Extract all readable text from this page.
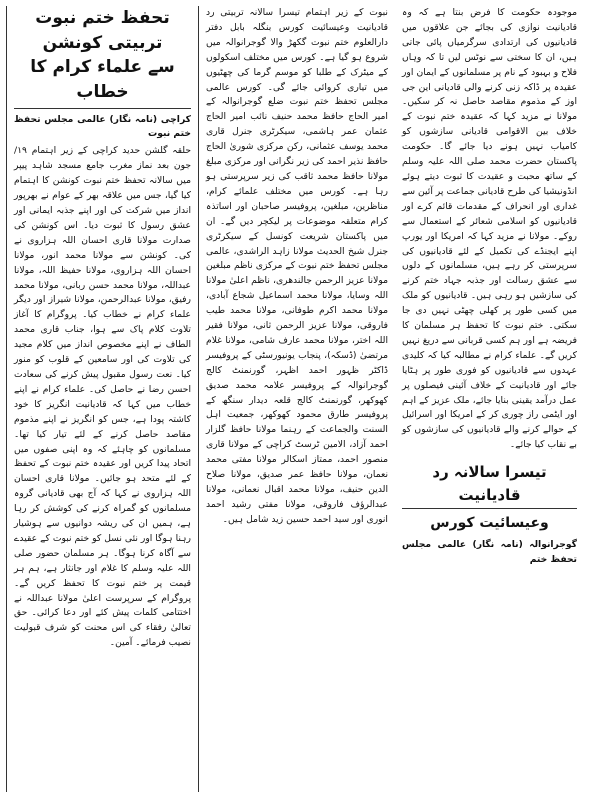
موجودہ حکومت کا فرض بنتا ہے کہ وہ قادیانیت نوازی کی بجائے جن علاقوں میں قادیانیوں کی ارتدادی سرگرمیاں پائی جاتی ہیں، ان کا سختی سے نوٹس لیں تا کہ وہاں فلاح و بہبود کے نام پر مسلمانوں کے ایمان اور عقیدہ پر ڈاکہ زنی کرنے والی قادیانی این جی اوز کے مذموم مقاصد حاصل نہ کر سکیں۔ مولانا نے مزید کہا کہ عقیدہ ختم نبوت کے خلاف بین الاقوامی قادیانی سازشوں کو کامیاب نہیں ہونے دیا جائے گا۔ حکومت پاکستان حضرت محمد صلی اللہ علیہ وسلم کے ساتھ محبت و عقیدت کا ثبوت دیتے ہوئے انڈونیشیا کی طرح قادیانی جماعت پر آئین سے غداری اور انحراف کے مقدمات قائم کرے اور قادیانیوں کو اسلامی شعائر کے استعمال سے روکے۔ مولانا نے مزید کہا کہ امریکا اور یورپ اپنے ایجنڈے کی تکمیل کے لئے قادیانیوں کی سرپرستی کر رہے ہیں، مسلمانوں کے دلوں سے عشق رسالت اور جذبہ جہاد ختم کرنے کی سازشیں ہو رہی ہیں۔ قادیانیوں کو ملک میں کسی طور پر کھلی چھٹی نہیں دی جا سکتی۔ ختم نبوت کا تحفظ ہر مسلمان کا فریضہ ہے اور ہم کسی قربانی سے دریغ نہیں کریں گے۔ علماء کرام نے مطالبہ کیا کہ کلیدی عہدوں سے قادیانیوں کو فوری طور پر ہٹایا جائے اور قادیانیت کے خلاف آئینی فیصلوں پر عمل درآمد یقینی بنایا جائے، ملک عزیز کے اہم اور ایٹمی راز چوری کر کے امریکا اور اسرائیل کے حوالے کرنے والے قادیانیوں کی سازشوں کو بے نقاب کیا جائے۔

تیسرا سالانہ رد قادیانیت
وعیسائیت کورس

گوجرانوالہ (نامہ نگار) عالمی مجلس تحفظ ختم

نبوت کے زیر اہتمام تیسرا سالانہ تربیتی رد قادیانیت وعیسائیت کورس بنگلہ بابل دفتر دارالعلوم ختم نبوت گکھڑ والا گوجرانوالہ میں شروع ہو گیا ہے۔ کورس میں مختلف اسکولوں کے میٹرک کے طلبا کو موسم گرما کی چھٹیوں میں تیاری کروائی جائے گی۔ کورس عالمی مجلس تحفظ ختم نبوت ضلع گوجرانوالہ کے امیر الحاج حافظ محمد حنیف نائب امیر الحاج عثمان عمر ہاشمی، سیکرٹری جنرل قاری محمد یوسف عثمانی، رکن مرکزی شوریٰ الحاج حافظ نذیر احمد کی زیر نگرانی اور مرکزی مبلغ مولانا حافظ محمد ثاقب کی زیر سرپرستی ہو رہا ہے۔ کورس میں مختلف علمائے کرام، مناظرین، مبلغین، پروفیسر صاحبان اور اساتذہ کرام متعلقہ موضوعات پر لیکچر دیں گے۔ ان میں پاکستان شریعت کونسل کے سیکرٹری جنرل شیخ الحدیث مولانا زاہد الراشدی، عالمی مجلس تحفظ ختم نبوت کے مرکزی ناظم مبلغین مولانا عزیز الرحمن جالندھری، ناظم اعلیٰ مولانا اللہ وسایا، مولانا محمد اسماعیل شجاع آبادی، مولانا محمد اکرم طوفانی، مولانا محمد طیب فاروقی، مولانا عزیز الرحمن ثانی، مولانا فقیر اللہ اختر، مولانا محمد عارف شامی، مولانا غلام مرتضیٰ (ڈسکہ)، پنجاب یونیورسٹی کے پروفیسر ڈاکٹر ظہور احمد اظہر، گورنمنٹ کالج گوجرانوالہ کے پروفیسر علامہ محمد صدیق کھوکھر، گورنمنٹ کالج قلعہ دیدار سنگھ کے پروفیسر طارق محمود کھوکھر، جمعیت اہل السنت والجماعت کے رہنما مولانا حافظ گلزار احمد آزاد، الامین ٹرسٹ کراچی کے مولانا قاری منصور احمد، ممتاز اسکالر مولانا مفتی محمد نعمان، مولانا حافظ عمر صدیق، مولانا صلاح الدین حنیف، مولانا محمد اقبال نعمانی، مولانا عبدالرؤف فاروقی، مولانا مفتی رشید احمد انوری اور سید احمد حسین زید شامل ہیں۔

تحفظ ختم نبوت تربیتی کونشن
سے علماء کرام کا خطاب

کراچی (نامہ نگار) عالمی مجلس تحفظ ختم نبوت

حلقہ گلشن حدید کراچی کے زیر اہتمام ۱۹/ جون بعد نماز مغرب جامع مسجد شاہد پیپر میں سالانہ تحفظ ختم نبوت کونشن کا اہتمام کیا گیا، جس میں علاقہ بھر کے عوام نے بھرپور انداز میں شرکت کی اور اپنے جذبہ ایمانی اور عشق رسول کا ثبوت دیا۔ اس کونشن کی صدارت مولانا قاری احسان اللہ ہزاروی نے کی۔ کونشن سے مولانا محمد انور، مولانا احسان اللہ ہزاروی، مولانا حفیظ اللہ، مولانا عبداللہ، مولانا محمد حسن ربانی، مولانا محمد رفیق، مولانا عبدالرحمن، مولانا شیراز اور دیگر علماء کرام نے خطاب کیا۔ پروگرام کا آغاز تلاوت کلام پاک سے ہوا، جناب قاری محمد الطاف نے اپنے مخصوص انداز میں کلام مجید کی تلاوت کی اور سامعین کے قلوب کو منور کیا۔ نعت رسول مقبول پیش کرنے کی سعادت احسن رضا نے حاصل کی۔ علماء کرام نے اپنے خطاب میں کہا کہ قادیانیت انگریز کا خود کاشتہ پودا ہے، جس کو انگریز نے اپنے مذموم مقاصد حاصل کرنے کے لئے تیار کیا تھا۔ مسلمانوں کو چاہئے کہ وہ اپنی صفوں میں اتحاد پیدا کریں اور عقیدہ ختم نبوت کے تحفظ کے لئے متحد ہو جائیں۔ مولانا قاری احسان اللہ ہزاروی نے کہا کہ آج بھی قادیانی گروہ مسلمانوں کو گمراہ کرنے کی کوشش کر رہا ہے، ہمیں ان کی ریشہ دوانیوں سے ہوشیار رہنا ہوگا اور نئی نسل کو ختم نبوت کے عقیدے سے آگاہ کرنا ہوگا۔ ہر مسلمان حضور صلی اللہ علیہ وسلم کا غلام اور جانثار ہے، ہم ہر قیمت پر ختم نبوت کا تحفظ کریں گے۔ پروگرام کے سرپرست اعلیٰ مولانا عبداللہ نے اختتامی کلمات پیش کئے اور دعا کرائی۔ حق تعالیٰ رفقاء کی اس محنت کو شرف قبولیت نصیب فرمائے۔ آمین۔
